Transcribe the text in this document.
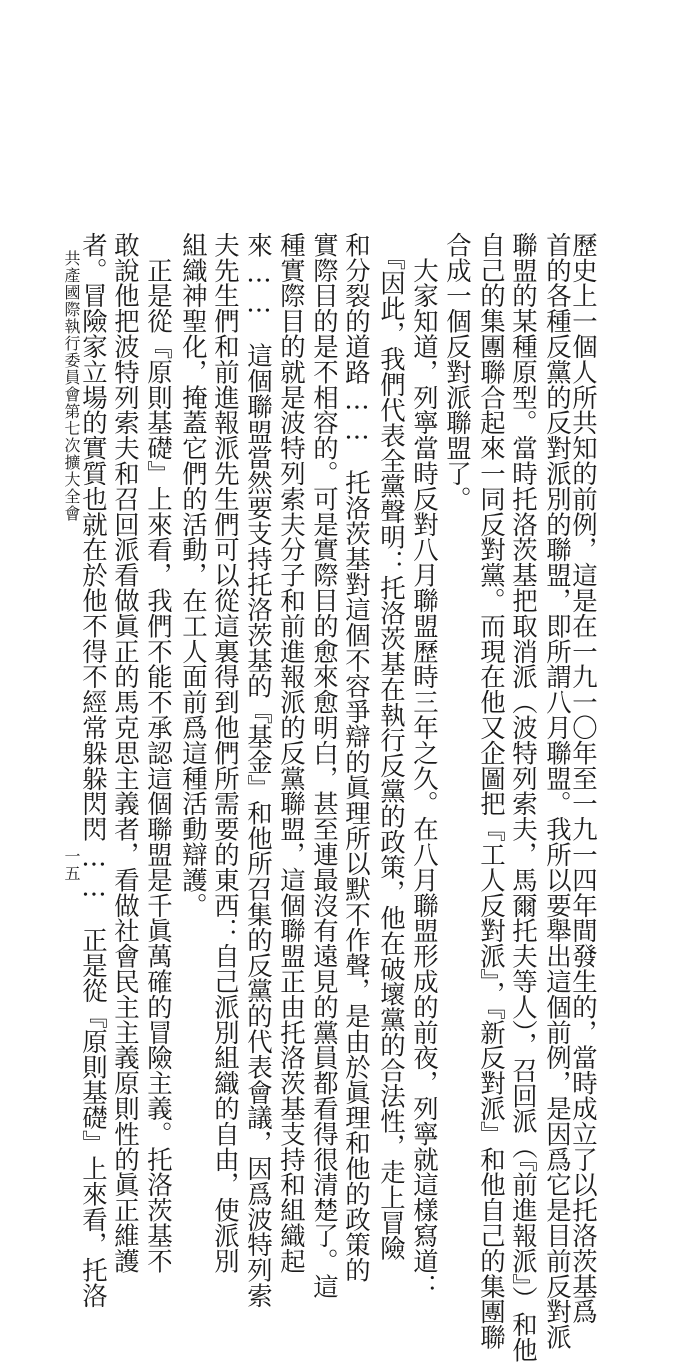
歷史上一個人所共知的前例，這是在一九一〇年至一九一四年間發生的，當時成立了以托洛茨基爲
首的各種反黨的反對派別的聯盟，即所謂八月聯盟。我所以要舉出這個前例，是因爲它是目前反對派
聯盟的某種原型。當時托洛茨基把取消派（波特列索夫，馬爾托夫等人），召回派（『前進報派』）和他
自己的集團聯合起來一同反對黨。而現在他又企圖把『工人反對派』，『新反對派』和他自己的集團聯
合成一個反對派聯盟了。
　大家知道，列寧當時反對八月聯盟歷時三年之久。在八月聯盟形成的前夜，列寧就這樣寫道：
　『因此，我們代表全黨聲明：托洛茨基在執行反黨的政策，他在破壞黨的合法性，走上冒險
和分裂的道路……　托洛茨基對這個不容爭辯的眞理所以默不作聲，是由於眞理和他的政策的
實際目的是不相容的。可是實際目的愈來愈明白，甚至連最沒有遠見的黨員都看得很清楚了。這
種實際目的就是波特列索夫分子和前進報派的反黨聯盟，這個聯盟正由托洛茨基支持和組織起
來……　這個聯盟當然要支持托洛茨基的『基金』和他所召集的反黨的代表會議，因爲波特列索
夫先生們和前進報派先生們可以從這裏得到他們所需要的東西：自己派別組織的自由，使派別
組織神聖化，掩蓋它們的活動，在工人面前爲這種活動辯護。
　正是從『原則基礎』上來看，我們不能不承認這個聯盟是千眞萬確的冒險主義。托洛茨基不
敢說他把波特列索夫和召回派看做眞正的馬克思主義者，看做社會民主主義原則性的眞正維護
者。冒險家立場的實質也就在於他不得不經常躲躲閃閃……　正是從『原則基礎』上來看，托洛
共產國際執行委員會第七次擴大全會
一五
